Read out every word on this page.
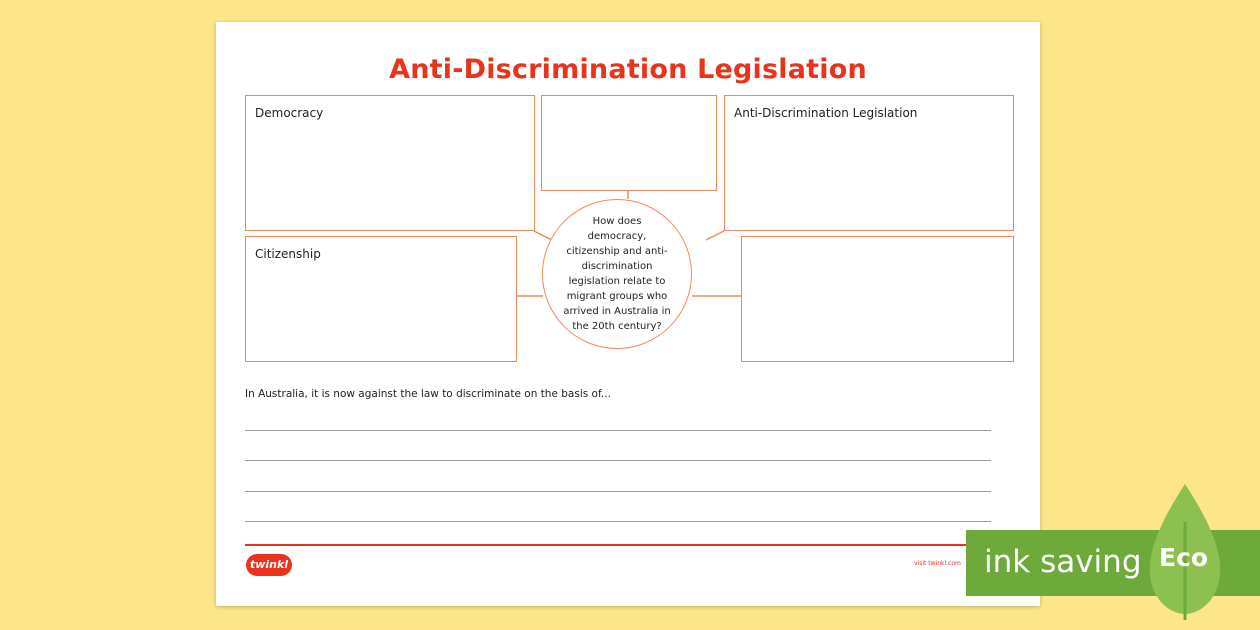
Anti-Discrimination Legislation
Democracy	Anti-Discrimination Legislation
Citizenship
How does democracy, citizenship and anti-discrimination legislation relate to migrant groups who arrived in Australia in the 20th century?
In Australia, it is now against the law to discriminate on the basis of...
twinkl	visit twinkl.com ink saving Eco
